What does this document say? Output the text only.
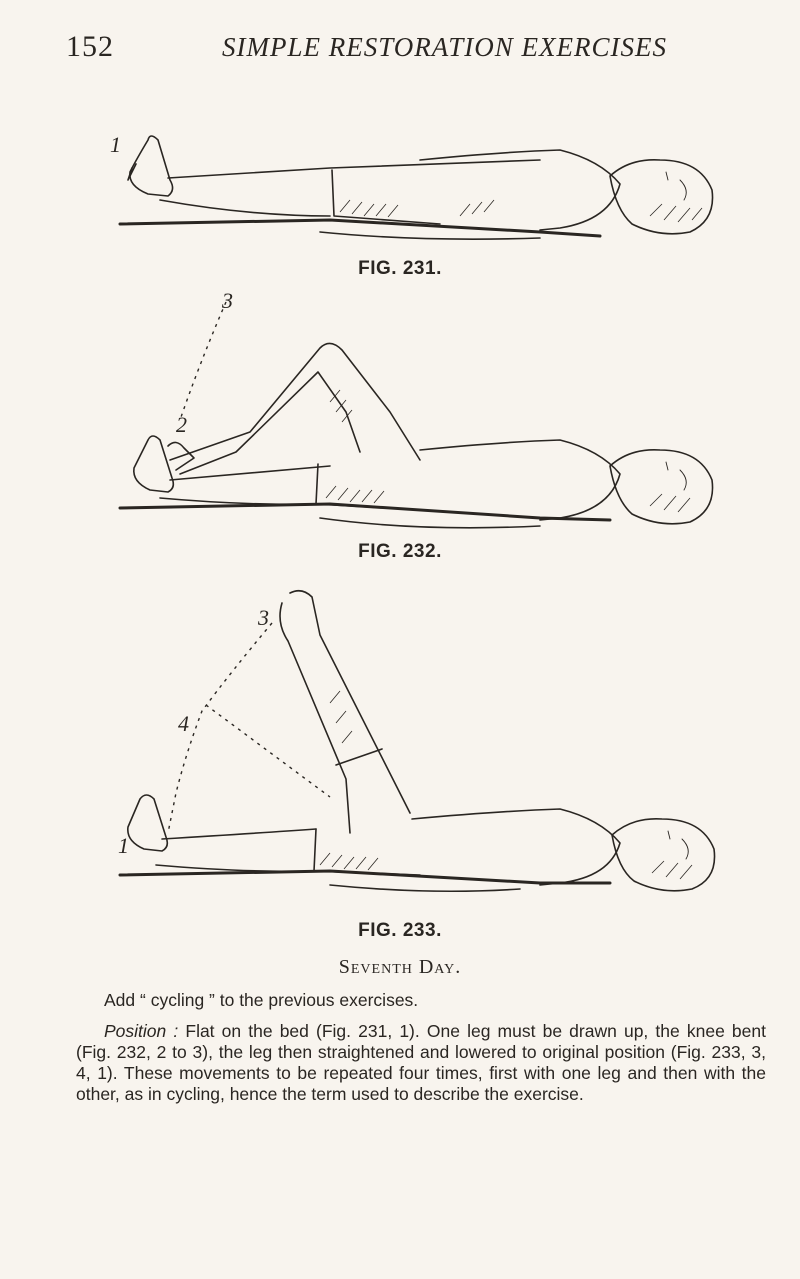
152	SIMPLE RESTORATION EXERCISES
1
FIG. 231.
3
2
FIG. 232.
3
4
1
FIG. 233.
Seventh Day.
Add “ cycling ” to the previous exercises.
Position : Flat on the bed (Fig. 231, 1). One leg must be drawn up, the knee bent (Fig. 232, 2 to 3), the leg then straightened and lowered to original position (Fig. 233, 3, 4, 1). These movements to be repeated four times, first with one leg and then with the other, as in cycling, hence the term used to describe the exercise.
